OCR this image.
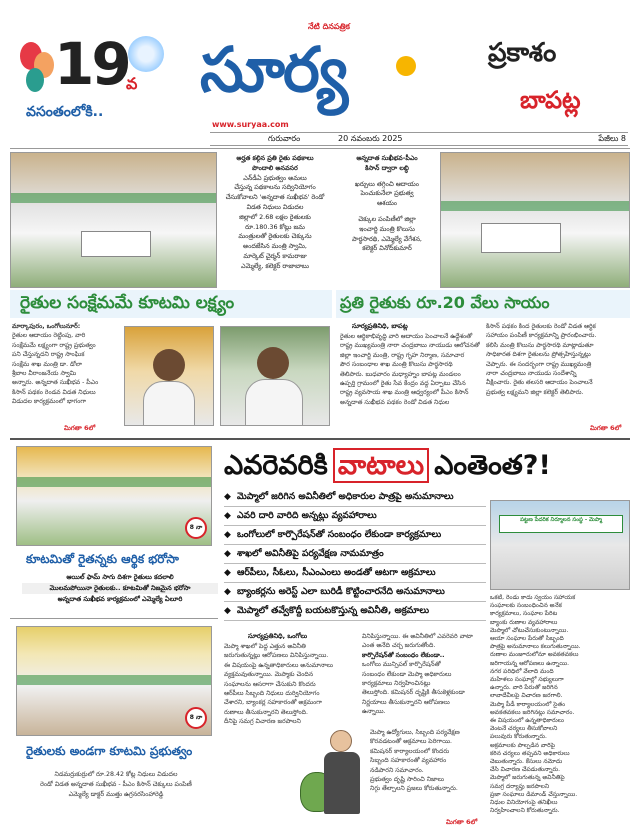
19
వ
వసంతంలోకి..
నేటి దినపత్రిక
సూర్య
www.suryaa.com
ప్రకాశం
బాపట్ల
గురువారం	20 నవంబరు 2025	పేజీలు 8
అర్హత కల్గిన ప్రతి రైతు పథకాలు
పొందాలి అనవసర
ఎన్‌డీఏ ప్రభుత్వం అమలు
చేస్తున్న పథకాలను సద్వినియోగం
చేసుకోవాలని 'అన్నదాత సుఖీభవ' రెండో
విడత నిధులు విడుదల
జిల్లాలో 2.68 లక్షల రైతులకు
రూ.180.36 కోట్లు జమ
మంత్రులతో రైతులకు చెక్కును
అందజేసిన మంత్రి స్వామి,
మార్కెట్ చైర్మన్ కామరాజు
ఎమ్మెల్యే, కలెక్టర్ రాజాబాబు
రైతుల సంక్షేమమే కూటమి లక్ష్యం
మార్కాపురం, ఒంగోలునూర్:
రైతుల ఆదాయం రెట్టింపు, వారి
సంక్షేమమే లక్ష్యంగా రాష్ట్ర ప్రభుత్వం
పని చేస్తున్నదని రాష్ట్ర సాంఘిక
సంక్షేమ శాఖ మంత్రి డా. డోలా
శ్రీబాల వీరాంజనేయ స్వామి
అన్నారు. అన్నదాత సుఖీభవ - పీఎం
కిసాన్ పథకం రెండవ విడత నిధులు
విడుదల కార్యక్రమంలో భాగంగా
మిగతా 6లో
అన్నదాత సుఖీభవ-పీఎం
కిసాన్ ద్వారా లబ్ధి
ఖర్చులు తగ్గించి ఆదాయం
పెంచుకునేలా ప్రభుత్వ
ఆశయం
చెక్కుల పంపిణీలో జిల్లా
ఇంచార్జి మంత్రి కొలుసు
పార్థసారథి, ఎమ్మెల్యే వేగేశన,
కలెక్టర్ వినోద్‌కుమార్
ప్రతి రైతుకు రూ.20 వేలు సాయం
సూర్యప్రతినిధి, బాపట్ల
రైతుల ఆర్థికాభివృద్ధి వారి ఆదాయం పెంచాలనే ఉద్దేశంతో
రాష్ట్ర ముఖ్యమంత్రి నారా చంద్రబాబు నాయుడు ఆలోచనతో
జిల్లా ఇంచార్జి మంత్రి, రాష్ట్ర గృహ నిర్మాణ, సమాచార
పౌర సంబంధాల శాఖ మంత్రి కొలుసు పార్థసారథి
తెలిపారు. బుధవారం మధ్యాహ్నం బాపట్ల మండలం
ఉప్పర్తి గ్రామంలో రైతు సేవ కేంద్రం వద్ద ఏర్పాటు చేసిన
రాష్ట్ర వ్యవసాయ శాఖ మంత్రి ఆధ్వర్యంలో పీఎం కిసాన్
అన్నదాత సుఖీభవ పథకం రెండో విడత నిధుల
కిసాన్ పథకం కింద రైతులకు రెండో విడత ఆర్థిక
సహాయం పంపిణీ కార్యక్రమాన్ని ప్రారంభించారు.
కలిసి మంత్రి కొలుసు పార్థసారథి మాట్లాడుతూ
సాధికారత దిశగా రైతులను ప్రోత్సహిస్తున్నట్లు
చెప్పారు. ఈ సందర్భంగా రాష్ట్ర ముఖ్యమంత్రి
నారా చంద్రబాబు నాయుడు సందేశాన్ని
వీక్షించారు. రైతు తలసరి ఆదాయం పెంచాలనే
ప్రభుత్వ లక్ష్యమని జిల్లా కలెక్టర్ తెలిపారు.
మిగతా 6లో
8 నా
కూటమితో రైతన్నకు ఆర్థిక భరోసా
ఆయిల్ ఫామ్ సాగు దిశగా రైతులు కదలాలి
మొలమపోయినా రైతులకు.. కూటమితో నిజమైన భరోసా
అన్నదాత సుఖీభవ కార్యక్రమంలో ఎమ్మెల్యే ఏలూరి
ఎవరెవరికి వాటాలు ఎంతెంత?!
◆ మెప్మాలో జరిగిన అవినీతిలో అధికారుల పాత్రపై అనుమానాలు
◆ ఎవరి దారి వారిది అన్నట్లు వ్యవహారాలు
◆ ఒంగోలులో కార్పొరేషన్‌తో సంబంధం లేకుండా కార్యక్రమాలు
◆ శాఖలో అవినీతిపై పర్యవేక్షణ నామమాత్రం
◆ ఆర్‌పీలు, సీఓలు, సీఎంఎంలు అండతో ఆటగా అక్రమాలు
◆ బ్యాంకర్లను అరెస్ట్ ఎలా బురిడీ కొట్టించారనేది అనుమానాలు
◆ మెప్మాలో తవ్వేకొద్దీ బయటకొస్తున్న అవినీతి, అక్రమాలు
పట్టణ పేదరిక నిర్మూలన సంస్థ - మెప్మా
ఒకటి, రెండు కాదు స్వయం సహాయక
సంఘాలకు సంబంధించిన అనేక
కార్యక్రమాలు, సంఘాల పేరిట
బ్యాంకు రుణాల వ్యవహారాలు
మెప్మాలో చోటుచేసుకుంటున్నాయి.
ఆయా సంఘాల పేరుతో సిబ్బంది
పాత్రపై అనుమానాలు కలుగుతున్నాయి.
రుణాల మంజూరులోనూ అవకతవకలు
జరిగాయన్న ఆరోపణలు ఉన్నాయి.
నగర పరిధిలో వేలాది మంది
మహిళలు సంఘాల్లో సభ్యులుగా
ఉన్నారు. వారి పేరుతో జరిగిన
లావాదేవీలపై విచారణ జరగాలి.
మెప్మా పీడీ కార్యాలయంలో సైతం
అవకతవకలు జరిగినట్లు సమాచారం.
ఈ విషయంలో ఉన్నతాధికారులు
వెంటనే చర్యలు తీసుకోవాలని
పలువురు కోరుతున్నారు.
అక్రమాలకు పాల్పడిన వారిపై
కఠిన చర్యలు తప్పవని అధికారులు
చెబుతున్నారు. కేసులు నమోదు
చేసి విచారణ చేపడుతున్నారు.
మెప్మాలో జరుగుతున్న అవినీతిపై
సమగ్ర దర్యాప్తు జరపాలని
ప్రజా సంఘాలు డిమాండ్ చేస్తున్నాయి.
నిధుల వినియోగంపై తనిఖీలు
నిర్వహించాలని కోరుతున్నారు.
సూర్యప్రతినిధి, ఒంగోలు
మెప్మా శాఖలో పెద్ద ఎత్తున అవినీతి
జరుగుతున్నట్లు ఆరోపణలు వినిపిస్తున్నాయి.
ఈ విషయంపై ఉన్నతాధికారులు అనుమానాలు
వ్యక్తమవుతున్నాయి. మెప్మాకు చెందిన
సంఘాలను ఆసరాగా చేసుకుని కొందరు
ఆర్‌పీలు సిబ్బంది నిధులు దుర్వినియోగం
చేశారని, బ్యాంకర్ల సహకారంతో అక్రమంగా
రుణాలు తీసుకున్నారని తెలుస్తోంది.
దీనిపై సమగ్ర విచారణ జరపాలని
వినిపిస్తున్నాయి. ఈ అవినీతిలో ఎవరెవరి వాటా
ఎంత అనేది చర్చ జరుగుతోంది.
కార్పొరేషన్‌తో సంబంధం లేకుండా..
ఒంగోలు మున్సిపల్ కార్పొరేషన్‌తో
సంబంధం లేకుండా మెప్మా అధికారులు
కార్యక్రమాలు నిర్వహించినట్లు
తెలుస్తోంది. కమిషనర్ దృష్టికి తీసుకెళ్లకుండా
నిర్ణయాలు తీసుకున్నారని ఆరోపణలు
ఉన్నాయి.
మెప్మా ఉద్యోగులు, సిబ్బంది పర్యవేక్షణ
కొరవడటంతో అక్రమాలు పెరిగాయి.
కమిషనర్ కార్యాలయంలో కొందరు
సిబ్బంది సహకారంతో వ్యవహారం
నడిపారని సమాచారం.
ప్రభుత్వం దృష్టి సారించి నిజాలు
నిగ్గు తేల్చాలని ప్రజలు కోరుతున్నారు.
మిగతా 6లో
8 నా
రైతులకు అండగా కూటమి ప్రభుత్వం
నిడమర్రుకుర్రులో రూ.28.42 కోట్ల నిధులు విడుదల
రెండో విడత అన్నదాత సుఖీభవ - పీఎం కిసాన్ చెక్కులు పంపిణీ
ఎమ్మెల్యే డాక్టర్ ముత్తు ఉగ్రనరసింహారెడ్డి
